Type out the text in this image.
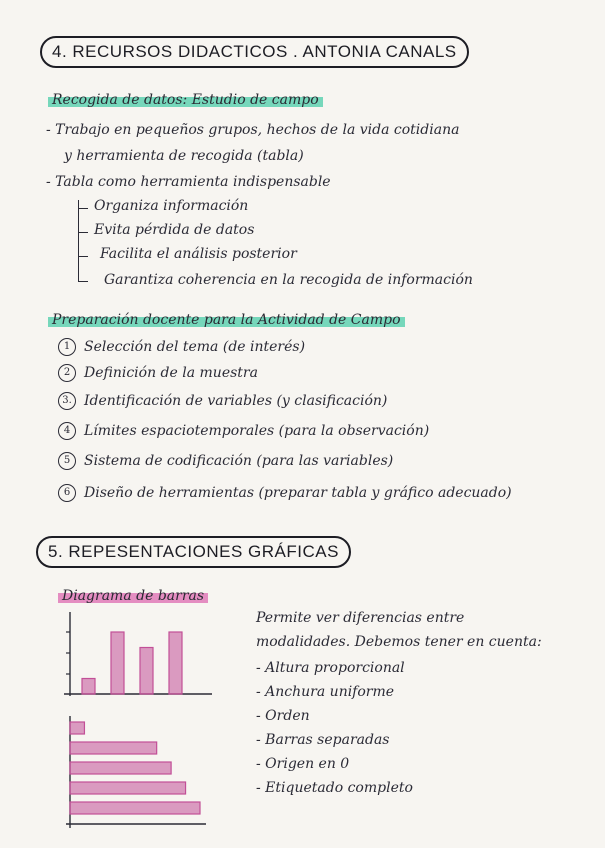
4. RECURSOS DIDACTICOS . ANTONIA CANALS
Recogida de datos: Estudio de campo
- Trabajo en pequeños grupos, hechos de la vida cotidiana
y herramienta de recogida (tabla)
- Tabla como herramienta indispensable
Organiza información
Evita pérdida de datos
Facilita el análisis posterior
Garantiza coherencia en la recogida de información
Preparación docente para la Actividad de Campo
1 Selección del tema (de interés)
2 Definición de la muestra
3. Identificación de variables (y clasificación)
4 Límites espaciotemporales (para la observación)
5 Sistema de codificación (para las variables)
6 Diseño de herramientas (preparar tabla y gráfico adecuado)
5. REPESENTACIONES GRÁFICAS
Diagrama de barras
Permite ver diferencias entre
modalidades. Debemos tener en cuenta:
- Altura proporcional
- Anchura uniforme
- Orden
- Barras separadas
- Origen en 0
- Etiquetado completo
